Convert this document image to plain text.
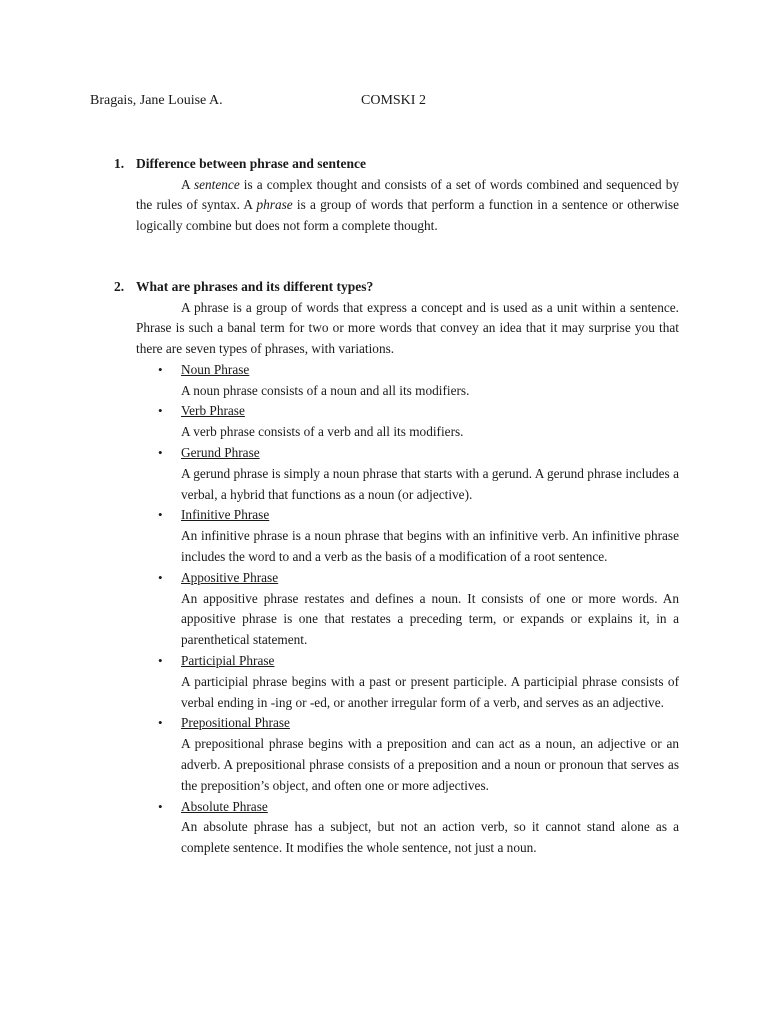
Bragais, Jane Louise A.	COMSKI 2
1. Difference between phrase and sentence
A sentence is a complex thought and consists of a set of words combined and sequenced by the rules of syntax. A phrase is a group of words that perform a function in a sentence or otherwise logically combine but does not form a complete thought.
2. What are phrases and its different types?
A phrase is a group of words that express a concept and is used as a unit within a sentence. Phrase is such a banal term for two or more words that convey an idea that it may surprise you that there are seven types of phrases, with variations.
• Noun Phrase
A noun phrase consists of a noun and all its modifiers.
• Verb Phrase
A verb phrase consists of a verb and all its modifiers.
• Gerund Phrase
A gerund phrase is simply a noun phrase that starts with a gerund. A gerund phrase includes a verbal, a hybrid that functions as a noun (or adjective).
• Infinitive Phrase
An infinitive phrase is a noun phrase that begins with an infinitive verb. An infinitive phrase includes the word to and a verb as the basis of a modification of a root sentence.
• Appositive Phrase
An appositive phrase restates and defines a noun. It consists of one or more words. An appositive phrase is one that restates a preceding term, or expands or explains it, in a parenthetical statement.
• Participial Phrase
A participial phrase begins with a past or present participle. A participial phrase consists of verbal ending in -ing or -ed, or another irregular form of a verb, and serves as an adjective.
• Prepositional Phrase
A prepositional phrase begins with a preposition and can act as a noun, an adjective or an adverb. A prepositional phrase consists of a preposition and a noun or pronoun that serves as the preposition’s object, and often one or more adjectives.
• Absolute Phrase
An absolute phrase has a subject, but not an action verb, so it cannot stand alone as a complete sentence. It modifies the whole sentence, not just a noun.
